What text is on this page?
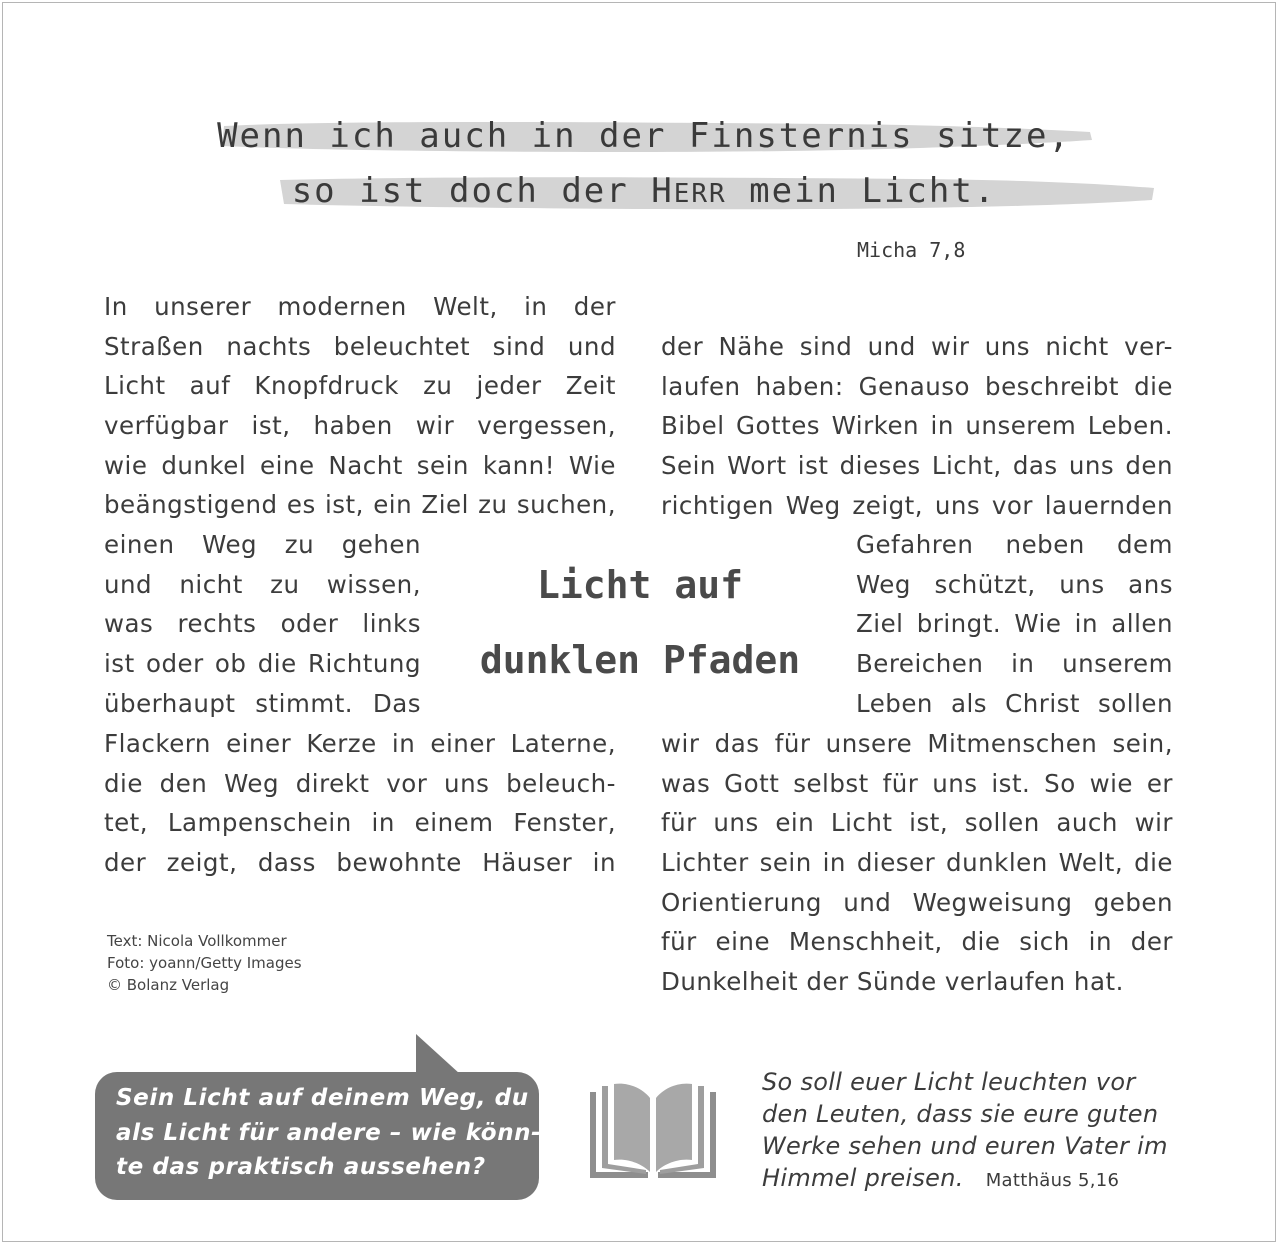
Wenn ich auch in der Finsternis sitze,
so ist doch der HERR mein Licht.
Micha 7,8
In unserer modernen Welt, in der
Straßen nachts beleuchtet sind und
Licht auf Knopfdruck zu jeder Zeit
verfügbar ist, haben wir vergessen,
wie dunkel eine Nacht sein kann! Wie
beängstigend es ist, ein Ziel zu suchen,
einen Weg zu gehen
und nicht zu wissen,
was rechts oder links
ist oder ob die Richtung
überhaupt stimmt. Das
Flackern einer Kerze in einer Laterne,
die den Weg direkt vor uns beleuch-
tet, Lampenschein in einem Fenster,
der zeigt, dass bewohnte Häuser in
Licht auf
dunklen Pfaden
der Nähe sind und wir uns nicht ver-
laufen haben: Genauso beschreibt die
Bibel Gottes Wirken in unserem Leben.
Sein Wort ist dieses Licht, das uns den
richtigen Weg zeigt, uns vor lauernden
Gefahren neben dem
Weg schützt, uns ans
Ziel bringt. Wie in allen
Bereichen in unserem
Leben als Christ sollen
wir das für unsere Mitmenschen sein,
was Gott selbst für uns ist. So wie er
für uns ein Licht ist, sollen auch wir
Lichter sein in dieser dunklen Welt, die
Orientierung und Wegweisung geben
für eine Menschheit, die sich in der
Dunkelheit der Sünde verlaufen hat.
Text: Nicola Vollkommer
Foto: yoann/Getty Images
© Bolanz Verlag
Sein Licht auf deinem Weg, du
als Licht für andere – wie könn-
te das praktisch aussehen?
So soll euer Licht leuchten vor
den Leuten, dass sie eure guten
Werke sehen und euren Vater im
Himmel preisen. Matthäus 5,16
